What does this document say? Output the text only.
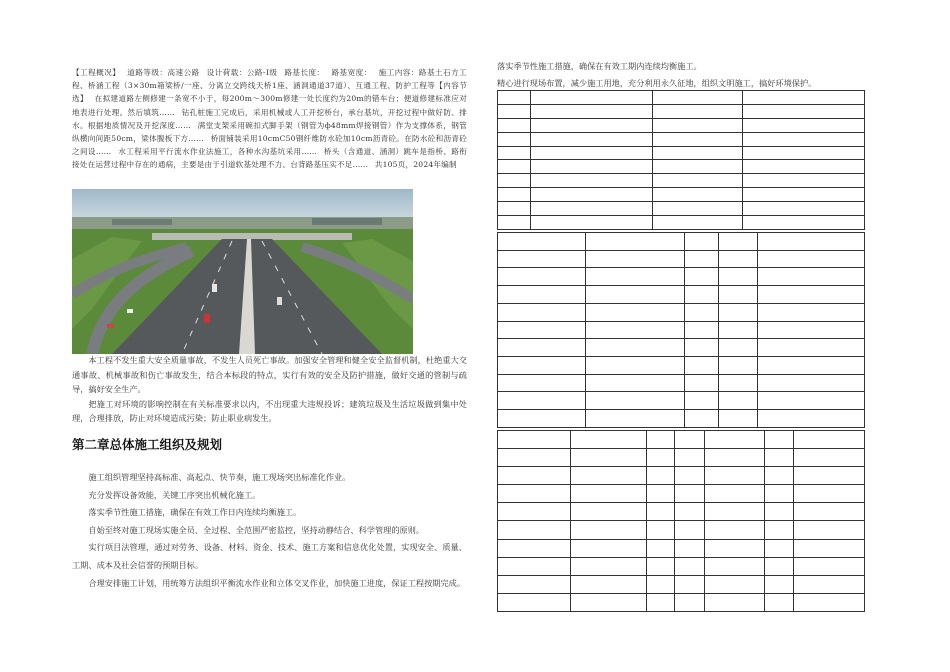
【工程概况】 道路等级：高速公路 设计荷载：公路-Ⅰ级 路基长度： 路基宽度： 施工内容：路基土石方工程、桥涵工程（3×30m箱梁桥/一座、分离立交跨线天桥1座、涵洞通道37道）、互通工程、防护工程等【内容节选】 在拟建道路左侧修建一条宽不小于，每200m～300m修建一处长度约为20m的错车台；便道修建标准应对地表进行处理。然后填筑…… 钻孔桩施工完成后，采用机械或人工开挖桥台，承台基坑，开挖过程中做好防、排水。根据地质情况及开挖深度…… 满堂支架采用碗扣式脚手架（钢管为ф48mm焊接钢管）作为支撑体系，钢管纵横向间距50cm，梁体腹板下方…… 桥面铺装采用10cmC50钢纤维防水砼加10cm沥青砼。在防水砼和沥青砼之间设…… 水工程采用平行流水作业法施工，各种水沟基坑采用…… 桥头（含通道、涵洞）跳车是指桥、路衔接处在运营过程中存在的通病，主要是由于引道软基处理不力、台背路基压实不足…… 共105页，2024年编制

本工程不发生重大安全质量事故，不发生人员死亡事故。加强安全管理和健全安全监督机制，杜绝重大交通事故、机械事故和伤亡事故发生，结合本标段的特点，实行有效的安全及防护措施，做好交通的管制与疏导，搞好安全生产。

把施工对环境的影响控制在有关标准要求以内，不出现重大违规投诉；建筑垃圾及生活垃圾做到集中处理，合理排放，防止对环境造成污染；防止职业病发生。

第二章总体施工组织及规划

施工组织管理坚持高标准、高起点、快节奏，施工现场突出标准化作业。

充分发挥设备效能，关键工序突出机械化施工。

落实季节性施工措施，确保在有效工作日内连续均衡施工。

自始至终对施工现场实施全员、全过程、全范围严密监控，坚持动静结合、科学管理的原则。

实行项目法管理，通过对劳务、设备、材料、资金、技术、施工方案和信息优化处置，实现安全、质量、工期、成本及社会信誉的预期目标。

合理安排施工计划，用统筹方法组织平衡流水作业和立体交叉作业，加快施工进度，保证工程按期完成。

落实季节性施工措施，确保在有效工期内连续均衡施工。

精心进行现场布置，减少施工用地，充分利用永久征地，组织文明施工，搞好环境保护。
